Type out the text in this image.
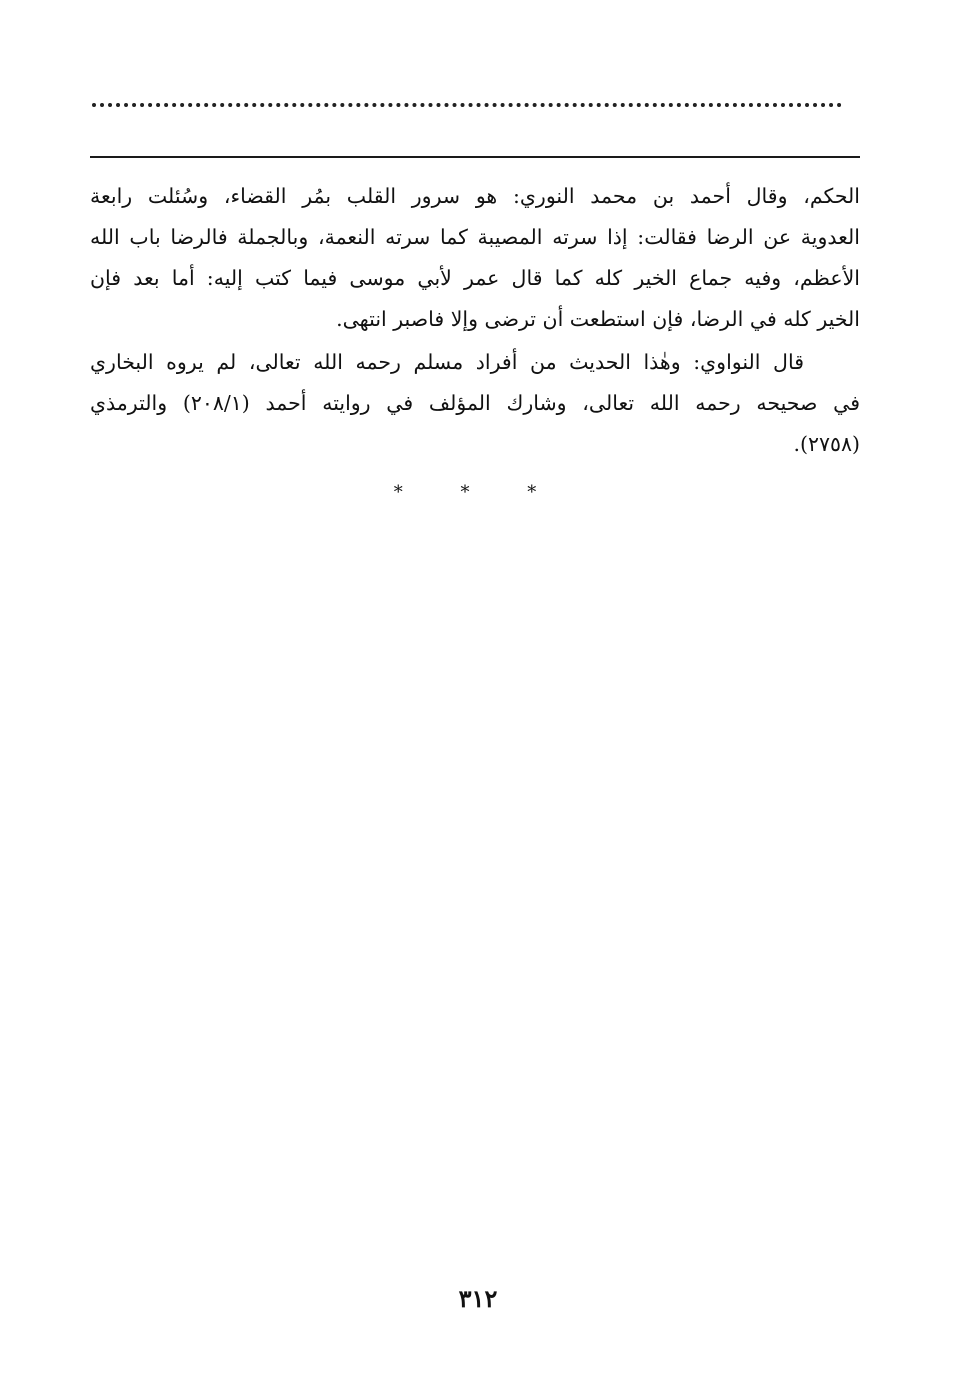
الحكم، وقال أحمد بن محمد النوري: هو سرور القلب بمُر القضاء، وسُئلت رابعة
العدوية عن الرضا فقالت: إذا سرته المصيبة كما سرته النعمة، وبالجملة فالرضا باب الله
الأعظم، وفيه جماع الخير كله كما قال عمر لأبي موسى فيما كتب إليه: أما بعد فإن
الخير كله في الرضا، فإن استطعت أن ترضى وإلا فاصبر انتهى.

قال النواوي: وهٰذا الحديث من أفراد مسلم رحمه الله تعالى، لم يروه البخاري
في صحيحه رحمه الله تعالى، وشارك المؤلف في روايته أحمد (٢٠٨/١) والترمذي
(٢٧٥٨).

* * *
٣١٢
